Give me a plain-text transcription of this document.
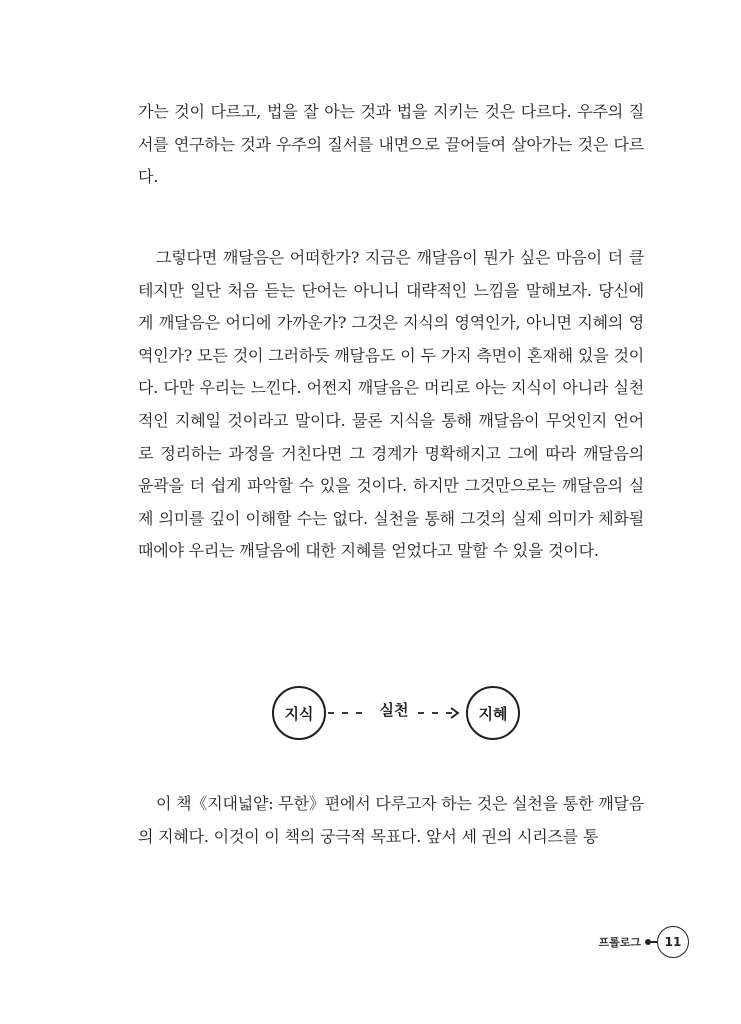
가는 것이 다르고, 법을 잘 아는 것과 법을 지키는 것은 다르다. 우주의 질서를 연구하는 것과 우주의 질서를 내면으로 끌어들여 살아가는 것은 다르다.

그렇다면 깨달음은 어떠한가? 지금은 깨달음이 뭔가 싶은 마음이 더 클 테지만 일단 처음 듣는 단어는 아니니 대략적인 느낌을 말해보자. 당신에게 깨달음은 어디에 가까운가? 그것은 지식의 영역인가, 아니면 지혜의 영역인가? 모든 것이 그러하듯 깨달음도 이 두 가지 측면이 혼재해 있을 것이다. 다만 우리는 느낀다. 어쩐지 깨달음은 머리로 아는 지식이 아니라 실천적인 지혜일 것이라고 말이다. 물론 지식을 통해 깨달음이 무엇인지 언어로 정리하는 과정을 거친다면 그 경계가 명확해지고 그에 따라 깨달음의 윤곽을 더 쉽게 파악할 수 있을 것이다. 하지만 그것만으로는 깨달음의 실제 의미를 깊이 이해할 수는 없다. 실천을 통해 그것의 실제 의미가 체화될 때에야 우리는 깨달음에 대한 지혜를 얻었다고 말할 수 있을 것이다.

지식	실천	지혜

이 책《지대넓얕: 무한》편에서 다루고자 하는 것은 실천을 통한 깨달음의 지혜다. 이것이 이 책의 궁극적 목표다. 앞서 세 권의 시리즈를 통

프롤로그	11
